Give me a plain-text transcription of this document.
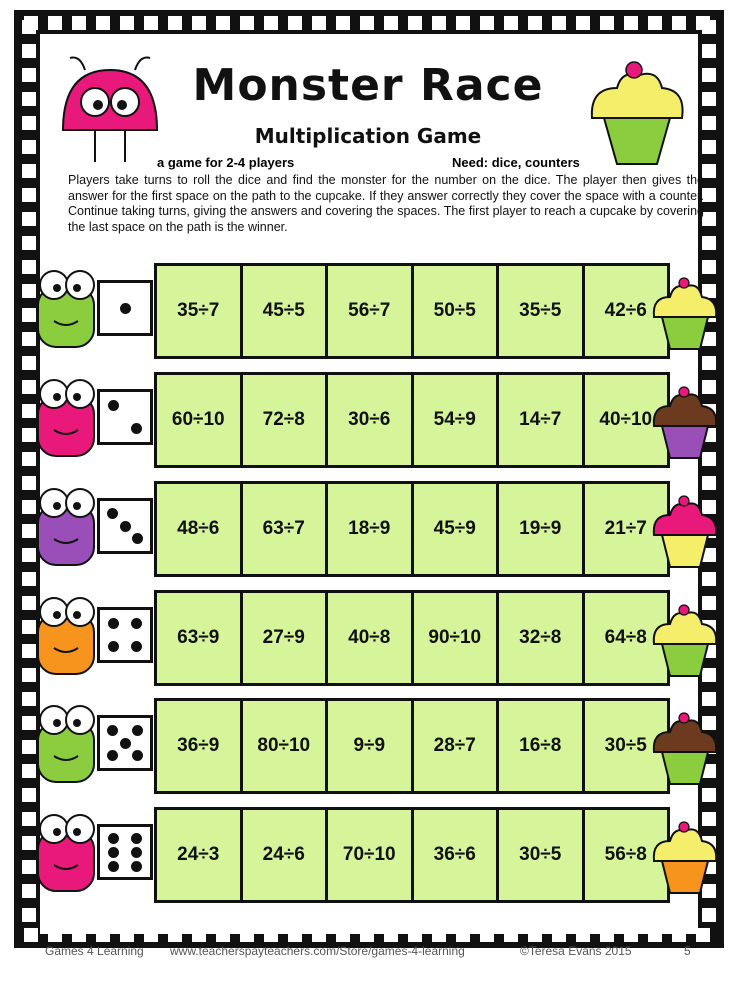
Monster Race
Multiplication Game
a game for 2-4 players	Need: dice, counters
Players take turns to roll the dice and find the monster for the number on the dice. The player then gives the answer for the first space on the path to the cupcake. If they answer correctly they cover the space with a counter. Continue taking turns, giving the answers and covering the spaces. The first player to reach a cupcake by covering the last space on the path is the winner.
35÷7	45÷5	56÷7	50÷5	35÷5	42÷6
60÷10	72÷8	30÷6	54÷9	14÷7	40÷10
48÷6	63÷7	18÷9	45÷9	19÷9	21÷7
63÷9	27÷9	40÷8	90÷10	32÷8	64÷8
36÷9	80÷10	9÷9	28÷7	16÷8	30÷5
24÷3	24÷6	70÷10	36÷6	30÷5	56÷8
Games 4 Learning www.teacherspayteachers.com/Store/games-4-learning	©Teresa Evans 2015	5
